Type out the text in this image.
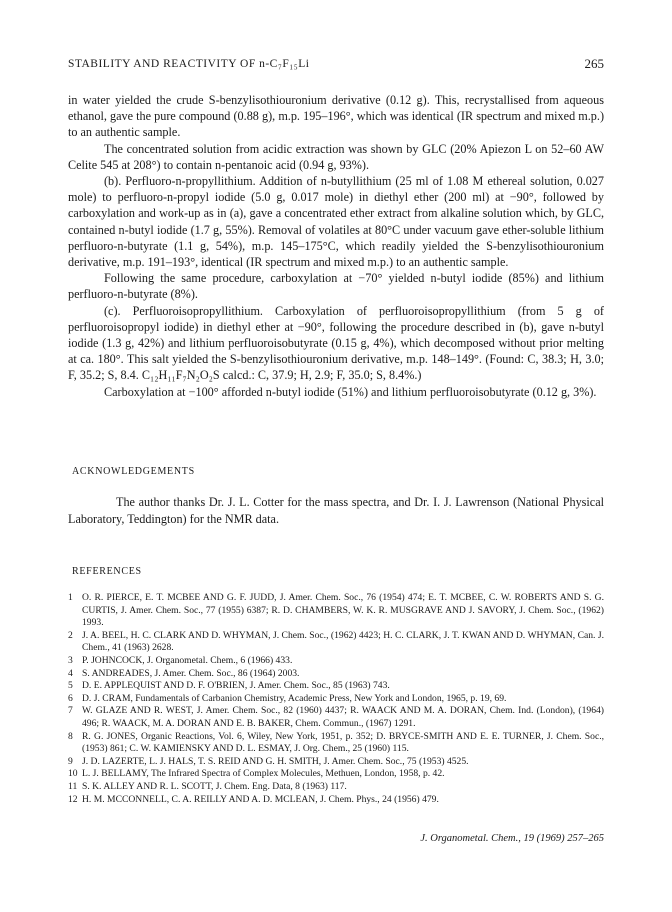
STABILITY AND REACTIVITY OF n-C₇F₁₅Li	265

in water yielded the crude S-benzylisothiouronium derivative (0.12 g). This, recrystallised from aqueous ethanol, gave the pure compound (0.88 g), m.p. 195–196°, which was identical (IR spectrum and mixed m.p.) to an authentic sample.

The concentrated solution from acidic extraction was shown by GLC (20% Apiezon L on 52–60 AW Celite 545 at 208°) to contain n-pentanoic acid (0.94 g, 93%).

(b). Perfluoro-n-propyllithium. Addition of n-butyllithium (25 ml of 1.08 M ethereal solution, 0.027 mole) to perfluoro-n-propyl iodide (5.0 g, 0.017 mole) in diethyl ether (200 ml) at −90°, followed by carboxylation and work-up as in (a), gave a concentrated ether extract from alkaline solution which, by GLC, contained n-butyl iodide (1.7 g, 55%). Removal of volatiles at 80°C under vacuum gave ether-soluble lithium perfluoro-n-butyrate (1.1 g, 54%), m.p. 145–175°C, which readily yielded the S-benzylisothiouronium derivative, m.p. 191–193°, identical (IR spectrum and mixed m.p.) to an authentic sample.

Following the same procedure, carboxylation at −70° yielded n-butyl iodide (85%) and lithium perfluoro-n-butyrate (8%).

(c). Perfluoroisopropyllithium. Carboxylation of perfluoroisopropyllithium (from 5 g of perfluoroisopropyl iodide) in diethyl ether at −90°, following the procedure described in (b), gave n-butyl iodide (1.3 g, 42%) and lithium perfluoroisobutyrate (0.15 g, 4%), which decomposed without prior melting at ca. 180°. This salt yielded the S-benzylisothiouronium derivative, m.p. 148–149°. (Found: C, 38.3; H, 3.0; F, 35.2; S, 8.4. C₁₂H₁₁F₇N₂O₂S calcd.: C, 37.9; H, 2.9; F, 35.0; S, 8.4%.)

Carboxylation at −100° afforded n-butyl iodide (51%) and lithium perfluoroisobutyrate (0.12 g, 3%).

ACKNOWLEDGEMENTS

The author thanks Dr. J. L. Cotter for the mass spectra, and Dr. I. J. Lawrenson (National Physical Laboratory, Teddington) for the NMR data.

REFERENCES
1 O. R. PIERCE, E. T. MCBEE AND G. F. JUDD, J. Amer. Chem. Soc., 76 (1954) 474; E. T. MCBEE, C. W. ROBERTS AND S. G. CURTIS, J. Amer. Chem. Soc., 77 (1955) 6387; R. D. CHAMBERS, W. K. R. MUSGRAVE AND J. SAVORY, J. Chem. Soc., (1962) 1993.
2 J. A. BEEL, H. C. CLARK AND D. WHYMAN, J. Chem. Soc., (1962) 4423; H. C. CLARK, J. T. KWAN AND D. WHYMAN, Can. J. Chem., 41 (1963) 2628.
3 P. JOHNCOCK, J. Organometal. Chem., 6 (1966) 433.
4 S. ANDREADES, J. Amer. Chem. Soc., 86 (1964) 2003.
5 D. E. APPLEQUIST AND D. F. O'BRIEN, J. Amer. Chem. Soc., 85 (1963) 743.
6 D. J. CRAM, Fundamentals of Carbanion Chemistry, Academic Press, New York and London, 1965, p. 19, 69.
7 W. GLAZE AND R. WEST, J. Amer. Chem. Soc., 82 (1960) 4437; R. WAACK AND M. A. DORAN, Chem. Ind. (London), (1964) 496; R. WAACK, M. A. DORAN AND E. B. BAKER, Chem. Commun., (1967) 1291.
8 R. G. JONES, Organic Reactions, Vol. 6, Wiley, New York, 1951, p. 352; D. BRYCE-SMITH AND E. E. TURNER, J. Chem. Soc., (1953) 861; C. W. KAMIENSKY AND D. L. ESMAY, J. Org. Chem., 25 (1960) 115.
9 J. D. LAZERTE, L. J. HALS, T. S. REID AND G. H. SMITH, J. Amer. Chem. Soc., 75 (1953) 4525.
10 L. J. BELLAMY, The Infrared Spectra of Complex Molecules, Methuen, London, 1958, p. 42.
11 S. K. ALLEY AND R. L. SCOTT, J. Chem. Eng. Data, 8 (1963) 117.
12 H. M. MCCONNELL, C. A. REILLY AND A. D. MCLEAN, J. Chem. Phys., 24 (1956) 479.
J. Organometal. Chem., 19 (1969) 257–265
